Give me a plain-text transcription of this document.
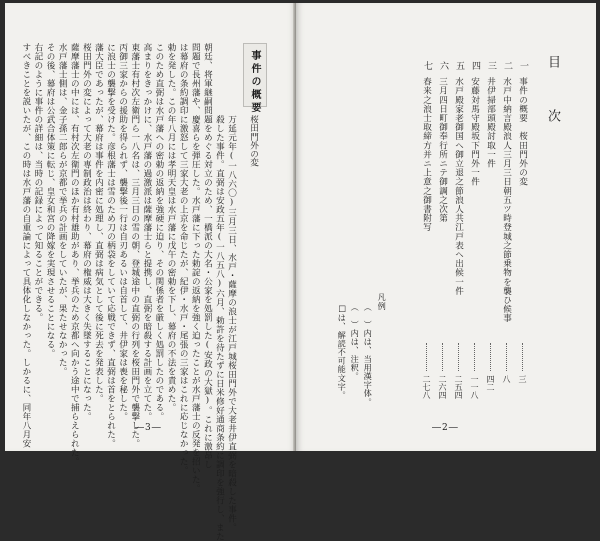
事件の概要
桜田門外の変
万延元年(一八六〇)三月三日、水戸・薩摩の浪士が江戸城桜田門外で大老井伊直弼を暗殺した事件。
殺した事件。直弼は安政五年(一八五八)六月、勅許を待たずに日米修好通商条約に調印を強行し、また
朝廷、将軍継嗣問題をめぐる対立のため、一橋派の大名・公家を処罰した(安政の大獄)。これに激昂し
問題で長州藩や、慶喜らを弾圧した。水戸藩に下った勅諚の返納を強く迫ったことが水戸藩士の反発を招いた。
は幕府の条約調印に激怒して三家大老の上京を命じたが、紀伊・水戸・尾張の三家はこれに応じなかった。
勅を発した。この年八月には孝明天皇は水戸藩に戊午の密勅を下し、幕府の不法を責めた。
このため直弼は水戸藩への密勅の返納を強硬に迫り、その関係者を厳しく処罰したのである。
高まりをきっかけに、水戸藩の過激派は薩摩藩士らと提携し、直弼を暗殺する計画を立てた。
東藩士有村次左衛門ら一八名は、三月三日の雪の朝、登城途中の直弼の行列を桜田門外で襲撃した。
丙御三家からの援助を得られず、襲撃後一行は自刃あるいは自首して、井伊家は喪を秘した。
に浪士の襲撃を受けた。彦根藩士は雪のため刀の柄袋をしていて応戦できず、直弼は首をとられた。
藩大臣であったが、幕府は事件を内密に処理し、直弼は病気として後に死去を発表した。
桜田門外の変によって大老の専制政治は終わり、幕府の権威は大きく失墜することになった。
薩摩藩士の中には、有村次左衛門のほか有村雄助があり、挙兵のため京都へ向かう途中で捕らえられた。
水戸藩士側は、金子孫二郎らが京都で挙兵の計画をしていたが、果たせなかった。
その後、幕府は公武合体策に転じ、皇女和宮の降嫁を実現させることになる。
右記のように事件の詳細は、当時の記録によって知ることができる。
すべきことを説いたが、この時は水戸藩の自重論によって具体化しなかった。しかるに、同年八月安	―3―
目　次
一
事件の概要　桜田門外の変
三
二
水戸中納言殿浪人三月三日朝五ツ時登城之節乗物を襲ひ候事
八
三
井伊掃部頭殿討取一件
四二
四
安藤対馬守殿坂下門外一件
一一八
五
水戸殿家老御国へ御立退之節浪人共江戸表へ出候一件
二五四
六
三月四日町御奉行所ニテ御調之次第
二六四
七
春来之浪士取締方并ニ上意之御書附写
二七八
凡例
（　）内は、当用漢字体。
（　）内は、注釈。
□は、解読不可能文字。
―2―
